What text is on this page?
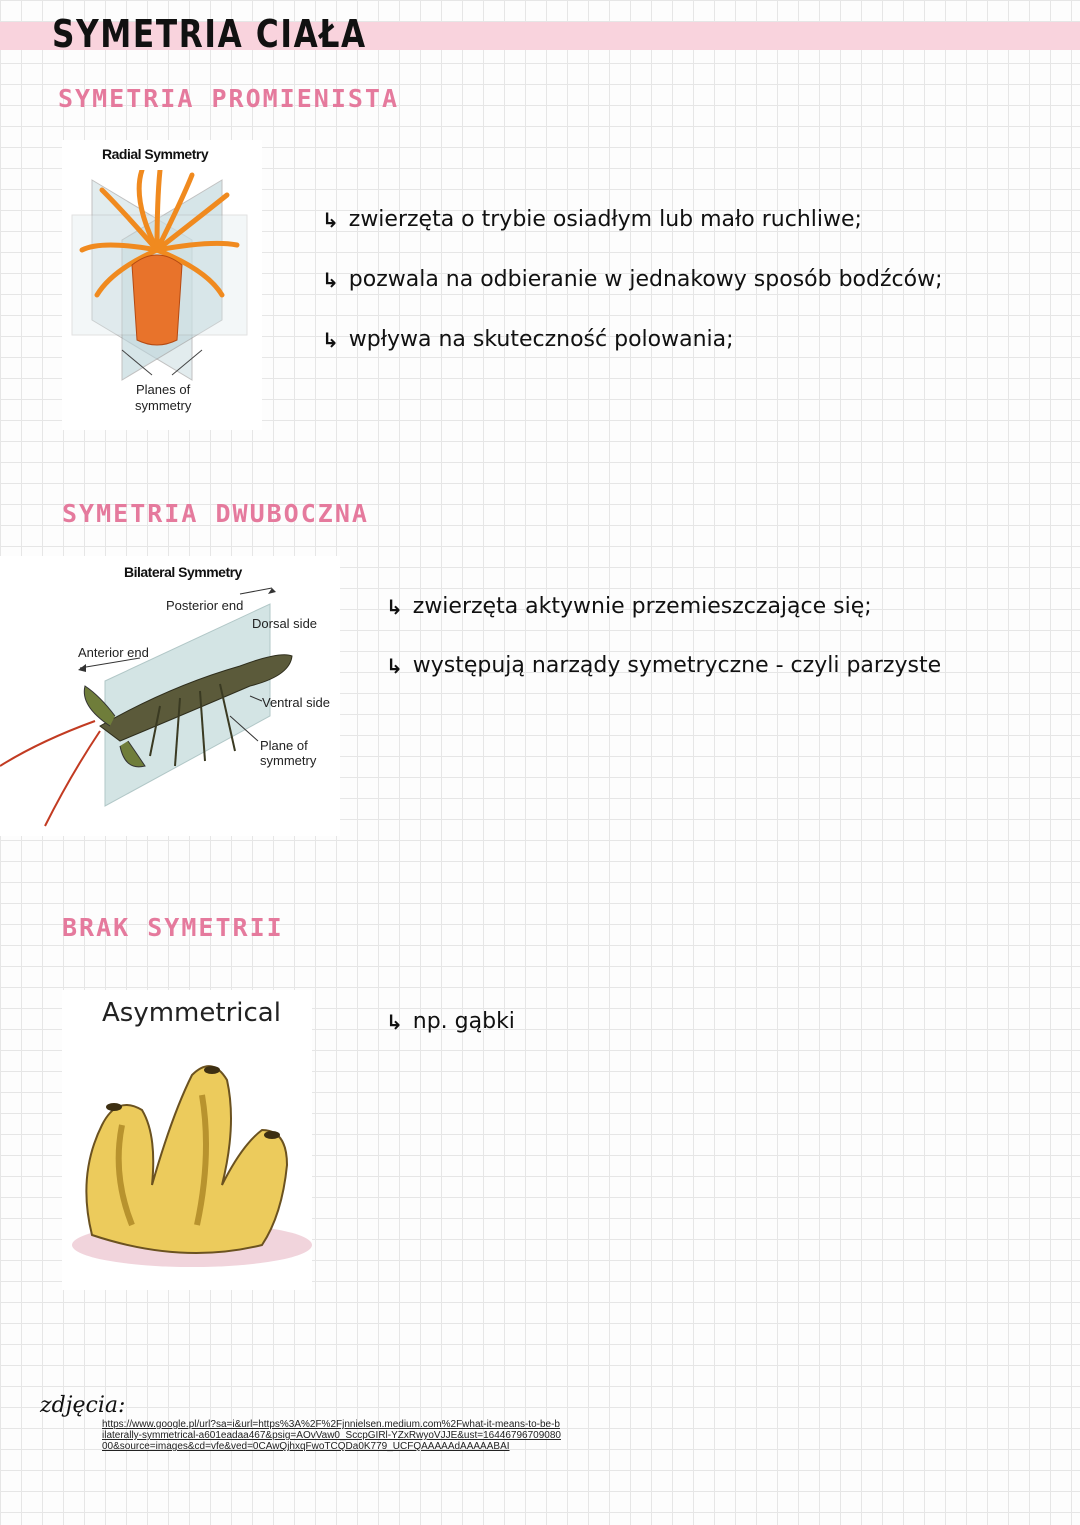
SYMETRIA CIAŁA
SYMETRIA PROMIENISTA
Radial Symmetry
Planes of
symmetry
↳ zwierzęta o trybie osiadłym lub mało ruchliwe;
↳ pozwala na odbieranie w jednakowy sposób bodźców;
↳ wpływa na skuteczność polowania;
SYMETRIA DWUBOCZNA
Bilateral Symmetry
Posterior end
Dorsal side
Anterior end
Ventral side
Plane of
symmetry
↳ zwierzęta aktywnie przemieszczające się;
↳ występują narządy symetryczne - czyli parzyste
BRAK SYMETRII
Asymmetrical	↳ np. gąbki
zdjęcia:
https://www.google.pl/url?sa=i&url=https%3A%2F%2Fjnnielsen.medium.com%2Fwhat-it-means-to-be-bilaterally-symmetrical-a601eadaa467&psig=AOvVaw0_SccpGIRl-YZxRwyoVJJE&ust=1644679670908000&source=images&cd=vfe&ved=0CAwQjhxqFwoTCQDa0K779_UCFQAAAAAdAAAAABAI
